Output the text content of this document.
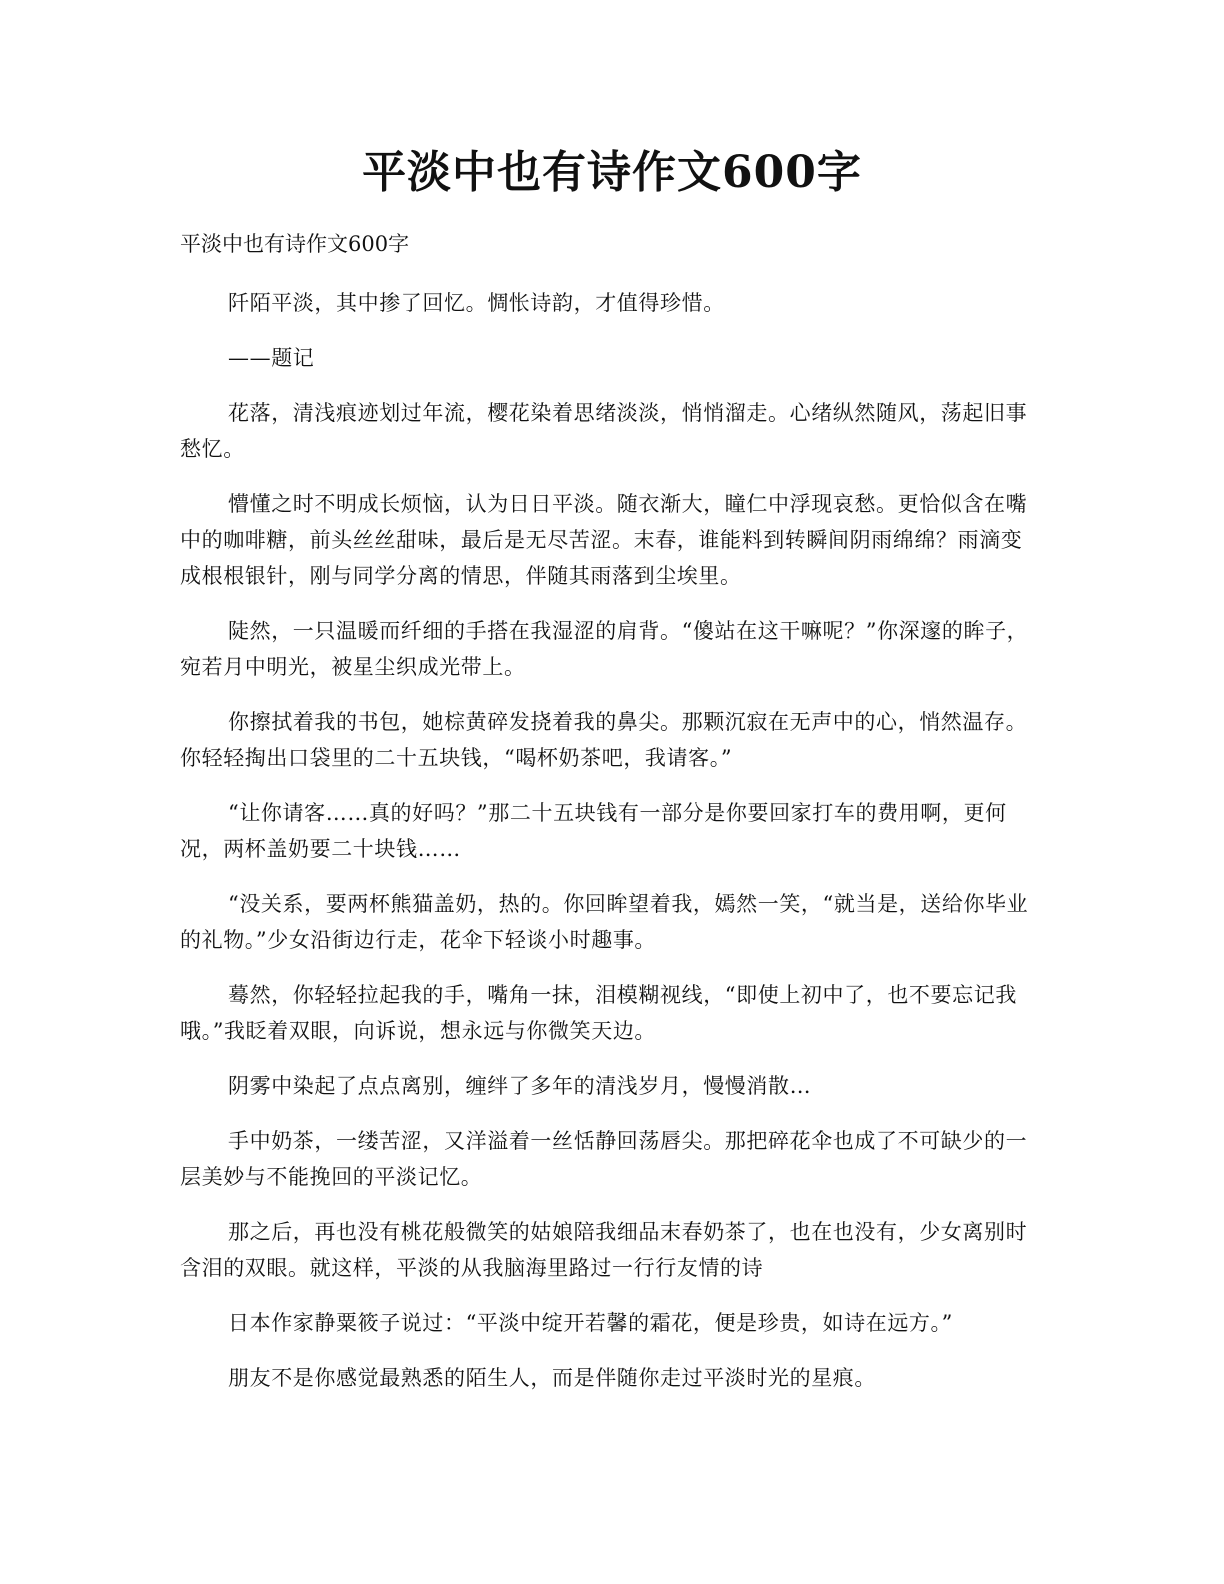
平淡中也有诗作文600字

平淡中也有诗作文600字

阡陌平淡，其中掺了回忆。惆怅诗韵，才值得珍惜。

——题记

花落，清浅痕迹划过年流，樱花染着思绪淡淡，悄悄溜走。心绪纵然随风，荡起旧事愁忆。

懵懂之时不明成长烦恼，认为日日平淡。随衣渐大，瞳仁中浮现哀愁。更恰似含在嘴中的咖啡糖，前头丝丝甜味，最后是无尽苦涩。末春，谁能料到转瞬间阴雨绵绵？雨滴变成根根银针，刚与同学分离的情思，伴随其雨落到尘埃里。

陡然，一只温暖而纤细的手搭在我湿涩的肩背。“傻站在这干嘛呢？”你深邃的眸子，宛若月中明光，被星尘织成光带上。

你擦拭着我的书包，她棕黄碎发挠着我的鼻尖。那颗沉寂在无声中的心，悄然温存。你轻轻掏出口袋里的二十五块钱，“喝杯奶茶吧，我请客。”

“让你请客……真的好吗？”那二十五块钱有一部分是你要回家打车的费用啊，更何况，两杯盖奶要二十块钱……

“没关系，要两杯熊猫盖奶，热的。你回眸望着我，嫣然一笑，“就当是，送给你毕业的礼物。”少女沿街边行走，花伞下轻谈小时趣事。

蓦然，你轻轻拉起我的手，嘴角一抹，泪模糊视线，“即使上初中了，也不要忘记我哦。”我眨着双眼，向诉说，想永远与你微笑天边。

阴雾中染起了点点离别，缠绊了多年的清浅岁月，慢慢消散…

手中奶茶，一缕苦涩，又洋溢着一丝恬静回荡唇尖。那把碎花伞也成了不可缺少的一层美妙与不能挽回的平淡记忆。

那之后，再也没有桃花般微笑的姑娘陪我细品末春奶茶了，也在也没有，少女离别时含泪的双眼。就这样，平淡的从我脑海里路过一行行友情的诗

日本作家静粟筱子说过：“平淡中绽开若馨的霜花，便是珍贵，如诗在远方。”

朋友不是你感觉最熟悉的陌生人，而是伴随你走过平淡时光的星痕。
